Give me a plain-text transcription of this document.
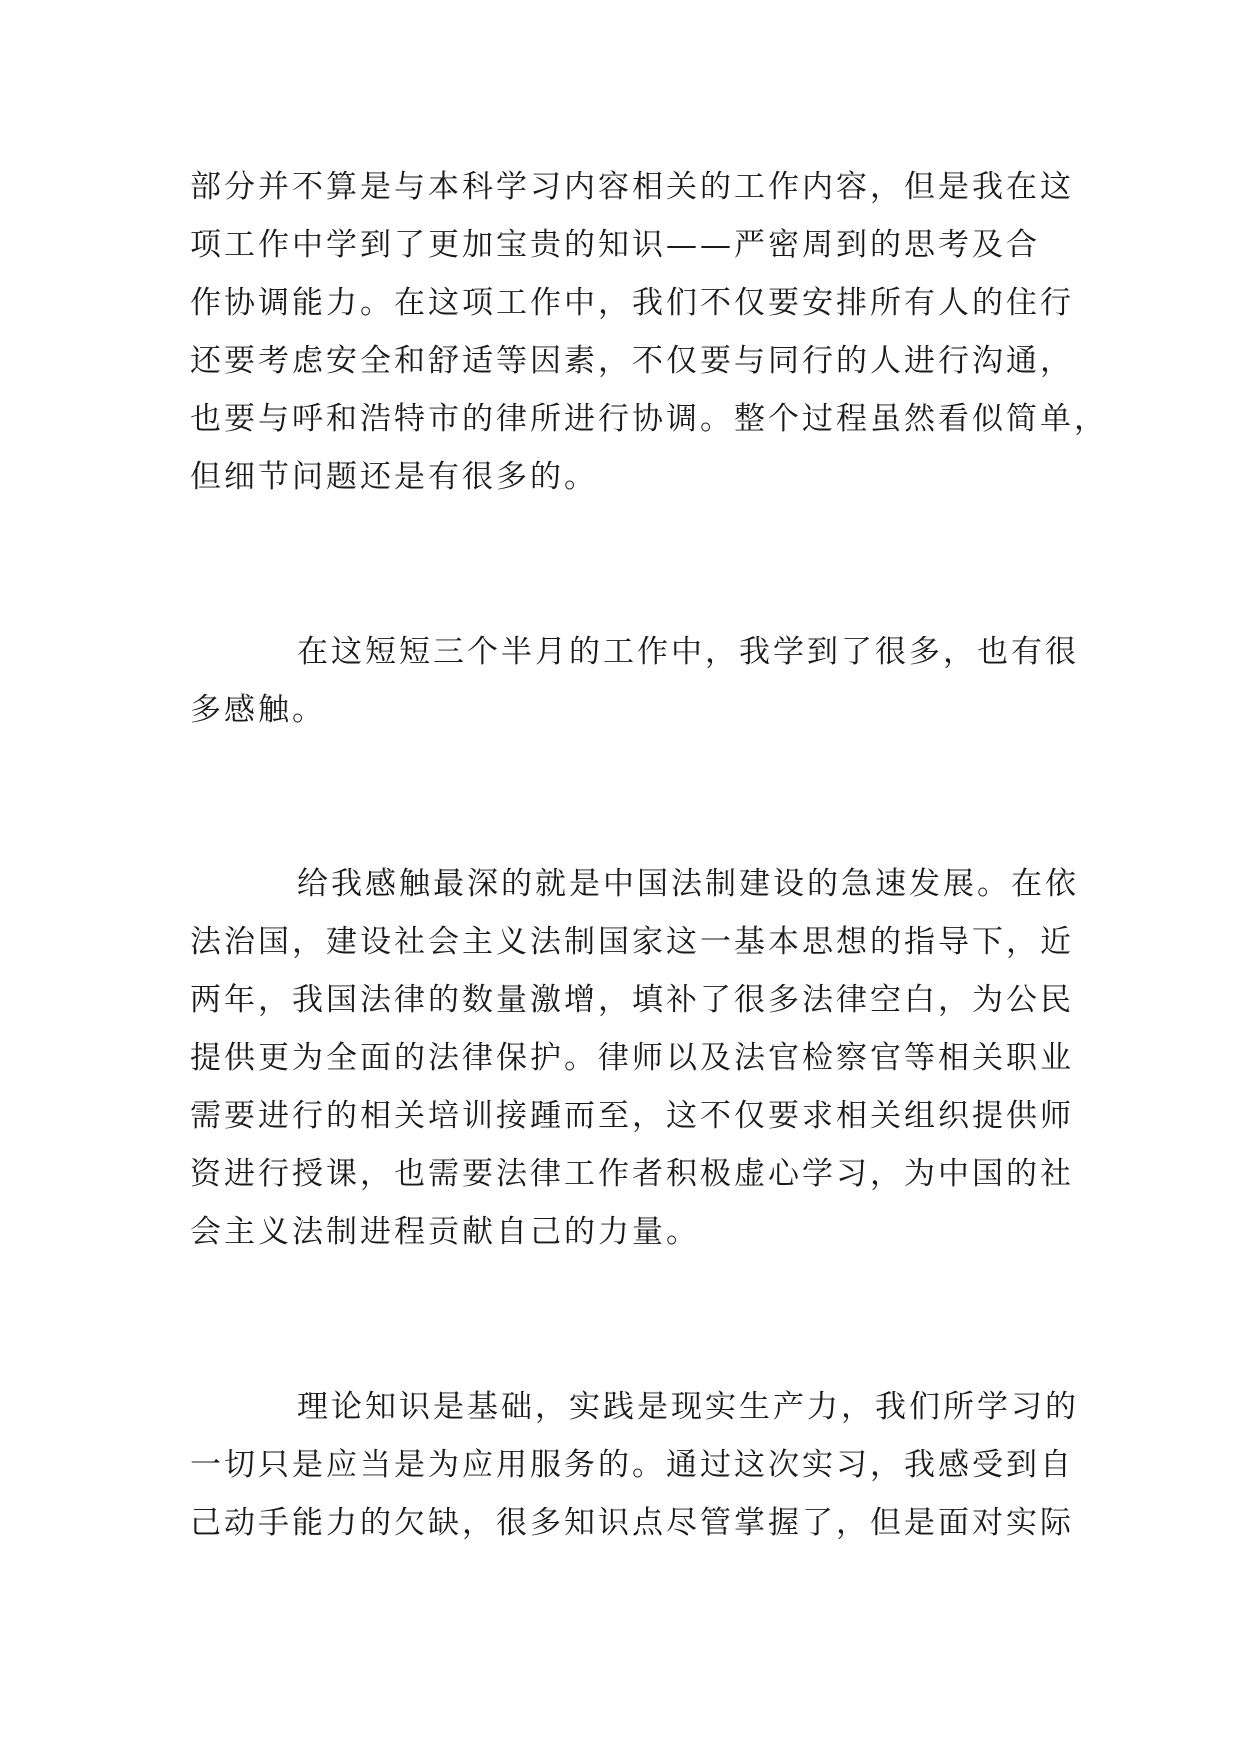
部分并不算是与本科学习内容相关的工作内容，但是我在这
项工作中学到了更加宝贵的知识——严密周到的思考及合
作协调能力。在这项工作中，我们不仅要安排所有人的住行
还要考虑安全和舒适等因素，不仅要与同行的人进行沟通，
也要与呼和浩特市的律所进行协调。整个过程虽然看似简单，
但细节问题还是有很多的。
在这短短三个半月的工作中，我学到了很多，也有很
多感触。
给我感触最深的就是中国法制建设的急速发展。在依
法治国，建设社会主义法制国家这一基本思想的指导下，近
两年，我国法律的数量激增，填补了很多法律空白，为公民
提供更为全面的法律保护。律师以及法官检察官等相关职业
需要进行的相关培训接踵而至，这不仅要求相关组织提供师
资进行授课，也需要法律工作者积极虚心学习，为中国的社
会主义法制进程贡献自己的力量。
理论知识是基础，实践是现实生产力，我们所学习的
一切只是应当是为应用服务的。通过这次实习，我感受到自
己动手能力的欠缺，很多知识点尽管掌握了，但是面对实际
